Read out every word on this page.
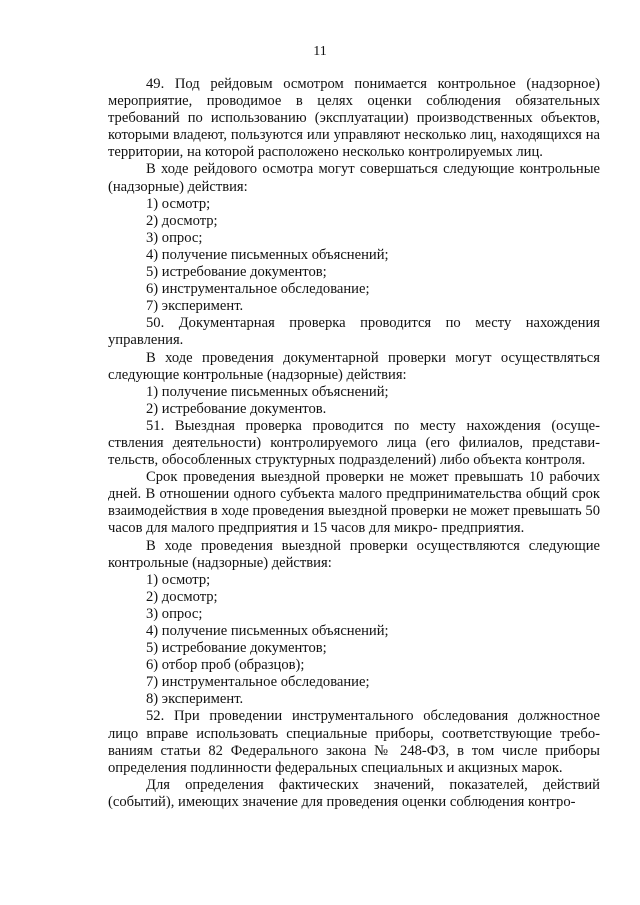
11

49. Под рейдовым осмотром понимается контрольное (надзорное) мероприятие, проводимое в целях оценки соблюдения обязательных требований по использованию (эксплуатации) производственных объектов, которыми владеют, пользуются или управляют несколько лиц, находящихся на территории, на которой расположено несколько контролируемых лиц.

В ходе рейдового осмотра могут совершаться следующие контрольные (надзорные) действия:

1) осмотр;

2) досмотр;

3) опрос;

4) получение письменных объяснений;

5) истребование документов;

6) инструментальное обследование;

7) эксперимент.

50. Документарная проверка проводится по месту нахождения управления.

В ходе проведения документарной проверки могут осуществляться следующие контрольные (надзорные) действия:

1) получение письменных объяснений;

2) истребование документов.

51. Выездная проверка проводится по месту нахождения (осуще- ствления деятельности) контролируемого лица (его филиалов, представи- тельств, обособленных структурных подразделений) либо объекта контроля.

Срок проведения выездной проверки не может превышать 10 рабочих дней. В отношении одного субъекта малого предпринимательства общий срок взаимодействия в ходе проведения выездной проверки не может превышать 50 часов для малого предприятия и 15 часов для микро- предприятия.

В ходе проведения выездной проверки осуществляются следующие контрольные (надзорные) действия:

1) осмотр;

2) досмотр;

3) опрос;

4) получение письменных объяснений;

5) истребование документов;

6) отбор проб (образцов);

7) инструментальное обследование;

8) эксперимент.

52. При проведении инструментального обследования должностное лицо вправе использовать специальные приборы, соответствующие требо- ваниям статьи 82 Федерального закона № 248-ФЗ, в том числе приборы определения подлинности федеральных специальных и акцизных марок.

Для определения фактических значений, показателей, действий (событий), имеющих значение для проведения оценки соблюдения контро-
